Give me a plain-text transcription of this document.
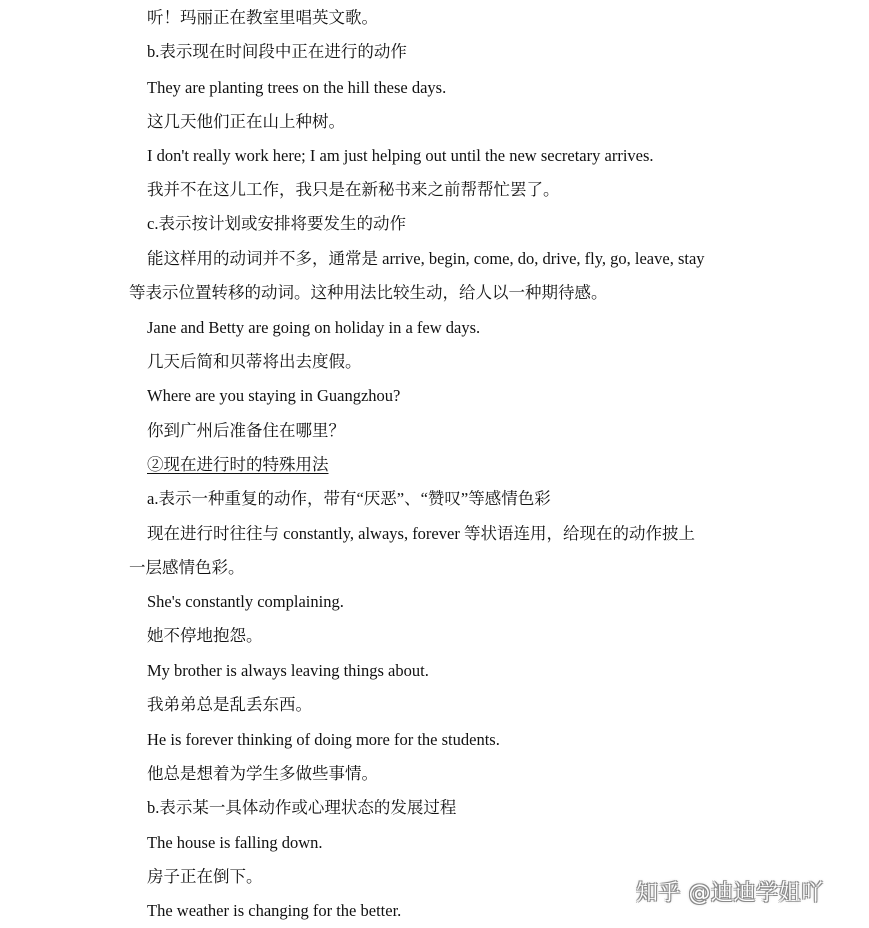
听！玛丽正在教室里唱英文歌。
b.表示现在时间段中正在进行的动作
They are planting trees on the hill these days.
这几天他们正在山上种树。
I don't really work here; I am just helping out until the new secretary arrives.
我并不在这儿工作，我只是在新秘书来之前帮帮忙罢了。
c.表示按计划或安排将要发生的动作
能这样用的动词并不多，通常是 arrive, begin, come, do, drive, fly, go, leave, stay
等表示位置转移的动词。这种用法比较生动，给人以一种期待感。
Jane and Betty are going on holiday in a few days.
几天后简和贝蒂将出去度假。
Where are you staying in Guangzhou?
你到广州后准备住在哪里？
②现在进行时的特殊用法
a.表示一种重复的动作，带有“厌恶”、“赞叹”等感情色彩
现在进行时往往与 constantly, always, forever 等状语连用，给现在的动作披上
一层感情色彩。
She's constantly complaining.
她不停地抱怨。
My brother is always leaving things about.
我弟弟总是乱丢东西。
He is forever thinking of doing more for the students.
他总是想着为学生多做些事情。
b.表示某一具体动作或心理状态的发展过程
The house is falling down.
房子正在倒下。
The weather is changing for the better.
知乎 @迪迪学姐吖
